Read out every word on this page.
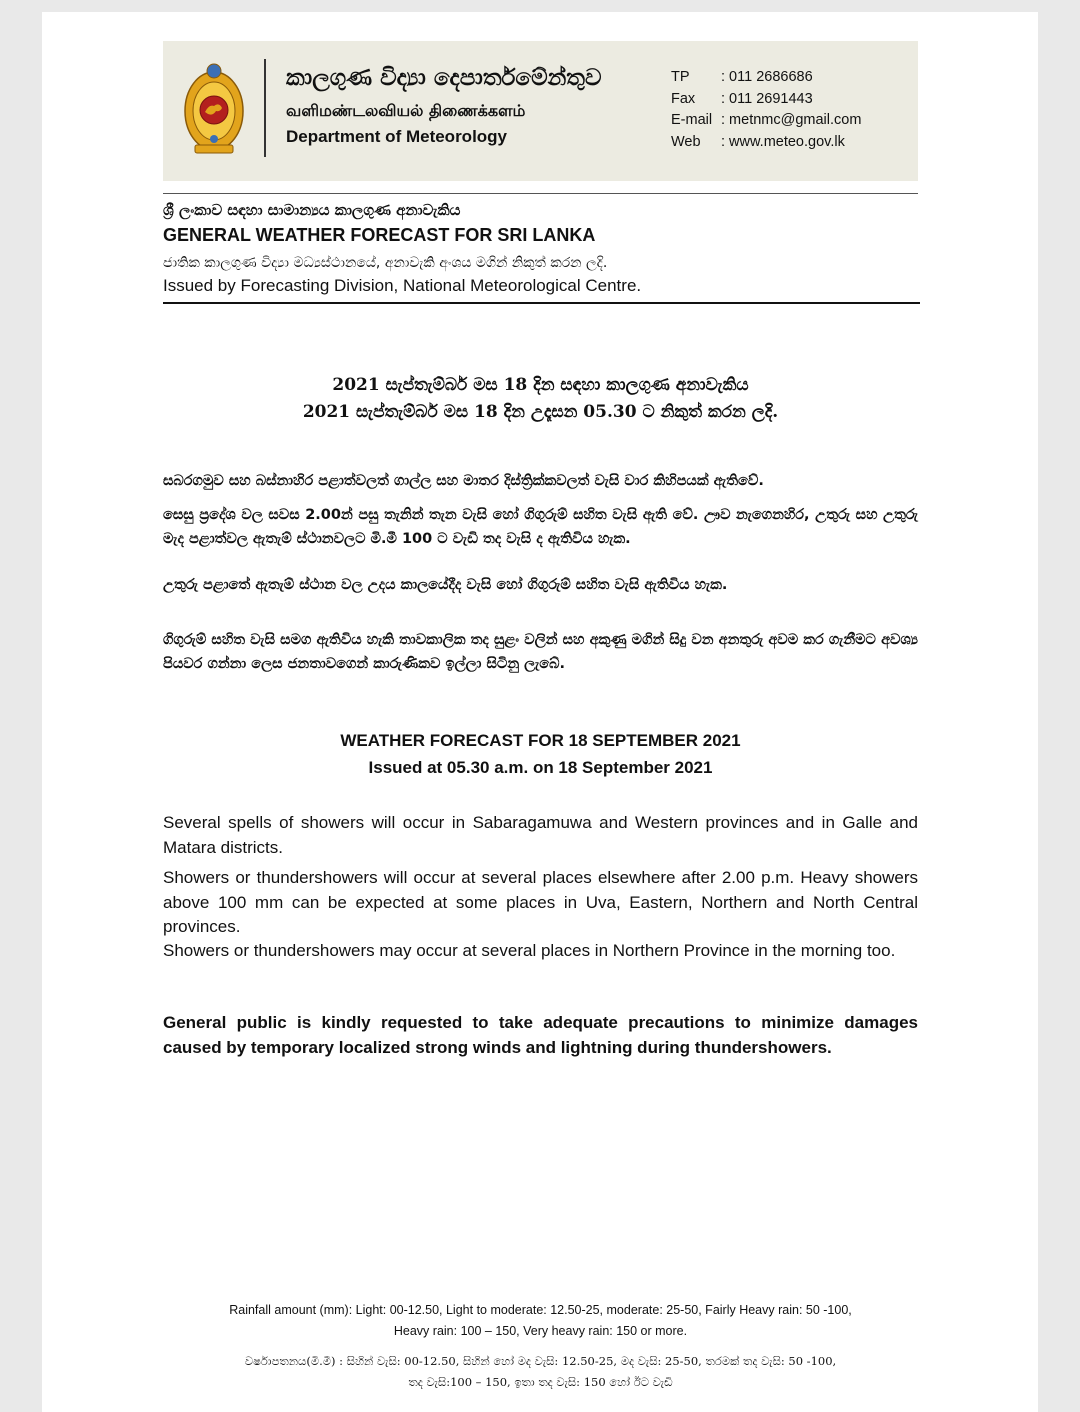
කාලගුණ විද්‍යා දෙපාර්තමේන්තුව
வளிமண்டலவியல் திணைக்களம்
Department of Meteorology
TP : 011 2686686
Fax : 011 2691443
E-mail : metnmc@gmail.com
Web : www.meteo.gov.lk
ශ්‍රී ලංකාව සඳහා සාමාන්‍යය කාලගුණ අනාවැකිය
GENERAL WEATHER FORECAST FOR SRI LANKA
ජාතික කාලගුණ විද්‍යා මධ්‍යස්ථානයේ, අනාවැකි අංශය මගින් නිකුත් කරන ලදි.
Issued by Forecasting Division, National Meteorological Centre.
2021 සැප්තැම්බර් මස 18 දින සඳහා කාලගුණ අනාවැකිය
2021 සැප්තැම්බර් මස 18 දින උදෑසන 05.30 ට නිකුත් කරන ලදි.

සබරගමුව සහ බස්නාහිර පළාත්වලත් ගාල්ල සහ මාතර දිස්ත්‍රික්කවලත් වැසි වාර කිහිපයක් ඇතිවේ.

සෙසු ප්‍රදේශ වල සවස 2.00න් පසු තැනින් තැන වැසි හෝ ගිගුරුම් සහිත වැසි ඇති වේ. ඌව නැගෙනහිර, උතුරු සහ උතුරු මැද පළාත්වල ඇතැම් ස්ථානවලට මි.මී 100 ට වැඩි තද වැසි ද ඇතිවිය හැක.

උතුරු පළාතේ ඇතැම් ස්ථාන වල උදය කාලයේදීද වැසි හෝ ගිගුරුම් සහිත වැසි ඇතිවිය හැක.

ගිගුරුම් සහිත වැසි සමග ඇතිවිය හැකි තාවකාලික තද සුළං වලින් සහ අකුණු මගින් සිදු වන අනතුරු අවම කර ගැනීමට අවශ්‍ය පියවර ගන්නා ලෙස ජනතාවගෙන් කාරුණිකව ඉල්ලා සිටිනු ලැබේ.

WEATHER FORECAST FOR 18 SEPTEMBER 2021
Issued at 05.30 a.m. on 18 September 2021

Several spells of showers will occur in Sabaragamuwa and Western provinces and in Galle and Matara districts.

Showers or thundershowers will occur at several places elsewhere after 2.00 p.m. Heavy showers above 100 mm can be expected at some places in Uva, Eastern, Northern and North Central provinces.

Showers or thundershowers may occur at several places in Northern Province in the morning too.

General public is kindly requested to take adequate precautions to minimize damages caused by temporary localized strong winds and lightning during thundershowers.

Rainfall amount (mm): Light: 00-12.50, Light to moderate: 12.50-25, moderate: 25-50, Fairly Heavy rain: 50 -100,
Heavy rain: 100 – 150, Very heavy rain: 150 or more.
වර්ෂාපතනය(මි.මී) : සිහින් වැසි: 00-12.50, සිහින් හෝ මද වැසි: 12.50-25, මද වැසි: 25-50, තරමක් තද වැසි: 50 -100,
තද වැසි:100 – 150, ඉතා තද වැසි: 150 හෝ ඊට වැඩි
